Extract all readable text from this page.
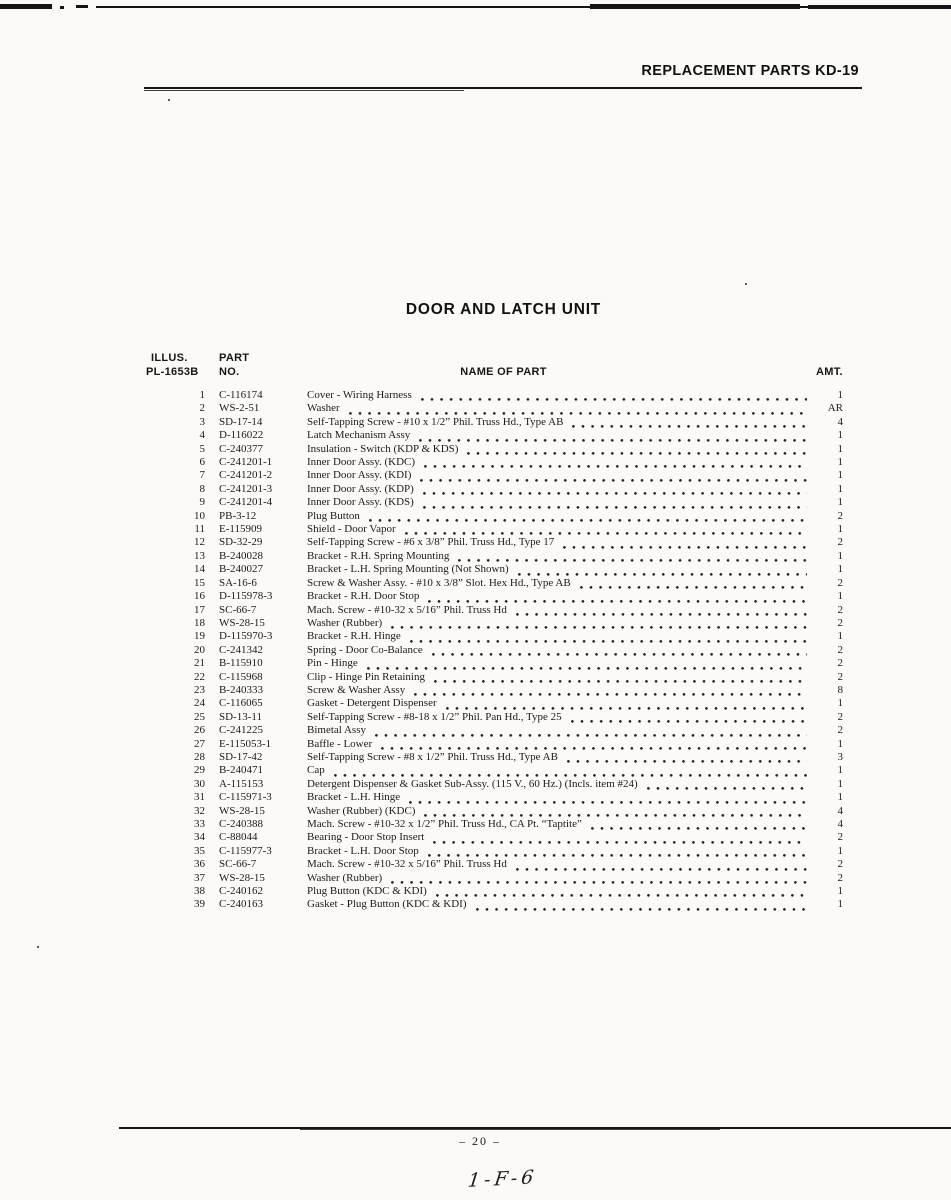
REPLACEMENT PARTS KD-19
DOOR AND LATCH UNIT
ILLUS.	PART
PL-1653B NO.	NAME OF PART	AMT.
1 C-116174	Cover - Wiring Harness	1
2 WS-2-51	Washer	AR
3 SD-17-14	Self-Tapping Screw - #10 x 1/2” Phil. Truss Hd., Type AB	4
4 D-116022	Latch Mechanism Assy	1
5 C-240377	Insulation - Switch (KDP & KDS)	1
6 C-241201-1	Inner Door Assy. (KDC)	1
7 C-241201-2	Inner Door Assy. (KDI)	1
8 C-241201-3	Inner Door Assy. (KDP)	1
9 C-241201-4	Inner Door Assy. (KDS)	1
10 PB-3-12	Plug Button	2
11 E-115909	Shield - Door Vapor	1
12 SD-32-29	Self-Tapping Screw - #6 x 3/8” Phil. Truss Hd., Type 17	2
13 B-240028	Bracket - R.H. Spring Mounting	1
14 B-240027	Bracket - L.H. Spring Mounting (Not Shown)	1
15 SA-16-6	Screw & Washer Assy. - #10 x 3/8” Slot. Hex Hd., Type AB	2
16 D-115978-3	Bracket - R.H. Door Stop	1
17 SC-66-7	Mach. Screw - #10-32 x 5/16” Phil. Truss Hd	2
18 WS-28-15	Washer (Rubber)	2
19 D-115970-3	Bracket - R.H. Hinge	1
20 C-241342	Spring - Door Co-Balance	2
21 B-115910	Pin - Hinge	2
22 C-115968	Clip - Hinge Pin Retaining	2
23 B-240333	Screw & Washer Assy	8
24 C-116065	Gasket - Detergent Dispenser	1
25 SD-13-11	Self-Tapping Screw - #8-18 x 1/2” Phil. Pan Hd., Type 25	2
26 C-241225	Bimetal Assy	2
27 E-115053-1	Baffle - Lower	1
28 SD-17-42	Self-Tapping Screw - #8 x 1/2” Phil. Truss Hd., Type AB	3
29 B-240471	Cap	1
30 A-115153	Detergent Dispenser & Gasket Sub-Assy. (115 V., 60 Hz.) (Incls. item #24)	1
31 C-115971-3	Bracket - L.H. Hinge	1
32 WS-28-15	Washer (Rubber) (KDC)	4
33 C-240388	Mach. Screw - #10-32 x 1/2” Phil. Truss Hd., CA Pt. “Taptite”	4
34 C-88044	Bearing - Door Stop Insert	2
35 C-115977-3	Bracket - L.H. Door Stop	1
36 SC-66-7	Mach. Screw - #10-32 x 5/16” Phil. Truss Hd	2
37 WS-28-15	Washer (Rubber)	2
38 C-240162	Plug Button (KDC & KDI)	1
39 C-240163	Gasket - Plug Button (KDC & KDI)	1
– 20 –
1-F-6
